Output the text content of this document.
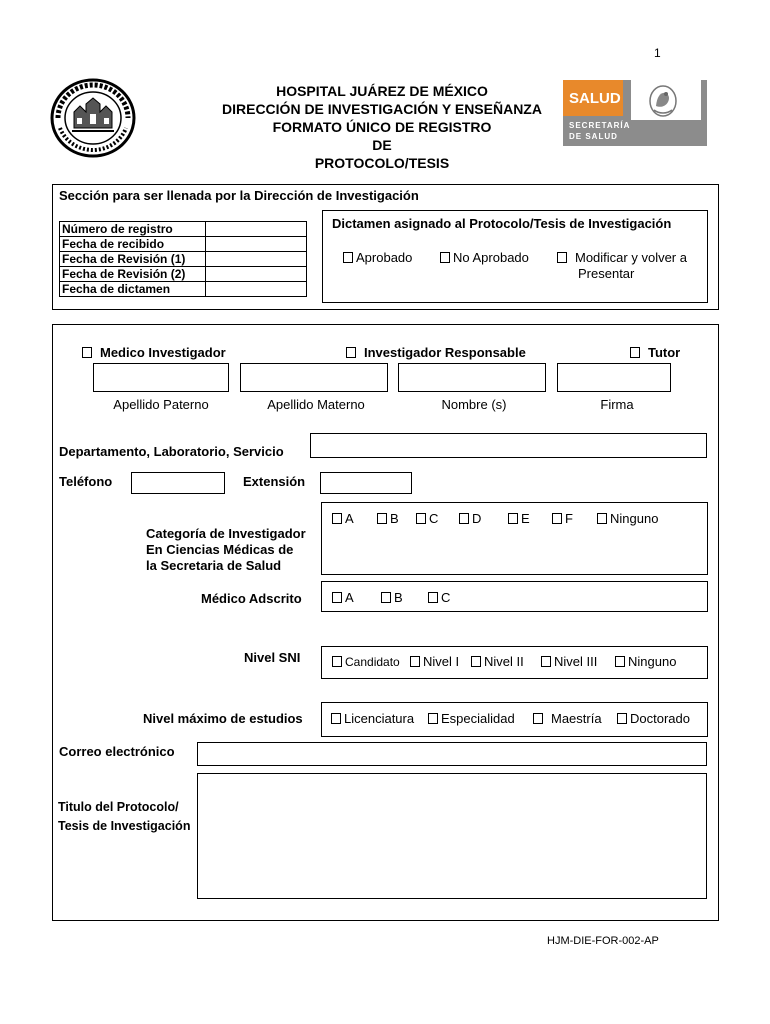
1
SALUD
SECRETARÍA
DE SALUD
HOSPITAL JUÁREZ DE MÉXICO
DIRECCIÓN DE INVESTIGACIÓN Y ENSEÑANZA
FORMATO ÚNICO DE REGISTRO
DE
PROTOCOLO/TESIS
Sección para ser llenada por la Dirección de Investigación
Número de registro	
Fecha de recibido	
Fecha de Revisión (1)	
Fecha de Revisión (2)	
Fecha de dictamen	
Dictamen asignado al Protocolo/Tesis de Investigación
Aprobado	No Aprobado	Modificar y volver a
Presentar
Medico Investigador	Investigador Responsable	Tutor
Apellido Paterno	Apellido Materno	Nombre (s)	Firma
Departamento, Laboratorio, Servicio
Teléfono	Extensión
Categoría de Investigador
En Ciencias Médicas de
la Secretaria de Salud
A	B	C	D	E	F	Ninguno
Médico Adscrito	A	B	C
Nivel SNI	Candidato	Nivel I	Nivel II	Nivel III	Ninguno
Nivel máximo de estudios	Licenciatura	Especialidad	Maestría	Doctorado
Correo electrónico
Titulo del Protocolo/
Tesis de Investigación
HJM-DIE-FOR-002-AP
